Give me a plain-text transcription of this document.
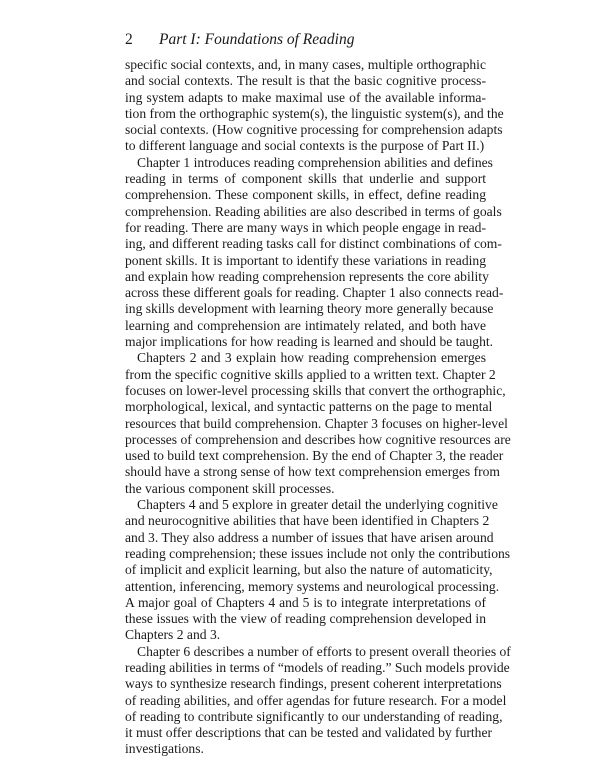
2 Part I: Foundations of Reading
specific social contexts, and, in many cases, multiple orthographic
and social contexts. The result is that the basic cognitive process-
ing system adapts to make maximal use of the available informa-
tion from the orthographic system(s), the linguistic system(s), and the
social contexts. (How cognitive processing for comprehension adapts
to different language and social contexts is the purpose of Part II.)
Chapter 1 introduces reading comprehension abilities and defines
reading in terms of component skills that underlie and support
comprehension. These component skills, in effect, define reading
comprehension. Reading abilities are also described in terms of goals
for reading. There are many ways in which people engage in read-
ing, and different reading tasks call for distinct combinations of com-
ponent skills. It is important to identify these variations in reading
and explain how reading comprehension represents the core ability
across these different goals for reading. Chapter 1 also connects read-
ing skills development with learning theory more generally because
learning and comprehension are intimately related, and both have
major implications for how reading is learned and should be taught.
Chapters 2 and 3 explain how reading comprehension emerges
from the specific cognitive skills applied to a written text. Chapter 2
focuses on lower-level processing skills that convert the orthographic,
morphological, lexical, and syntactic patterns on the page to mental
resources that build comprehension. Chapter 3 focuses on higher-level
processes of comprehension and describes how cognitive resources are
used to build text comprehension. By the end of Chapter 3, the reader
should have a strong sense of how text comprehension emerges from
the various component skill processes.
Chapters 4 and 5 explore in greater detail the underlying cognitive
and neurocognitive abilities that have been identified in Chapters 2
and 3. They also address a number of issues that have arisen around
reading comprehension; these issues include not only the contributions
of implicit and explicit learning, but also the nature of automaticity,
attention, inferencing, memory systems and neurological processing.
A major goal of Chapters 4 and 5 is to integrate interpretations of
these issues with the view of reading comprehension developed in
Chapters 2 and 3.
Chapter 6 describes a number of efforts to present overall theories of
reading abilities in terms of “models of reading.” Such models provide
ways to synthesize research findings, present coherent interpretations
of reading abilities, and offer agendas for future research. For a model
of reading to contribute significantly to our understanding of reading,
it must offer descriptions that can be tested and validated by further
investigations.
